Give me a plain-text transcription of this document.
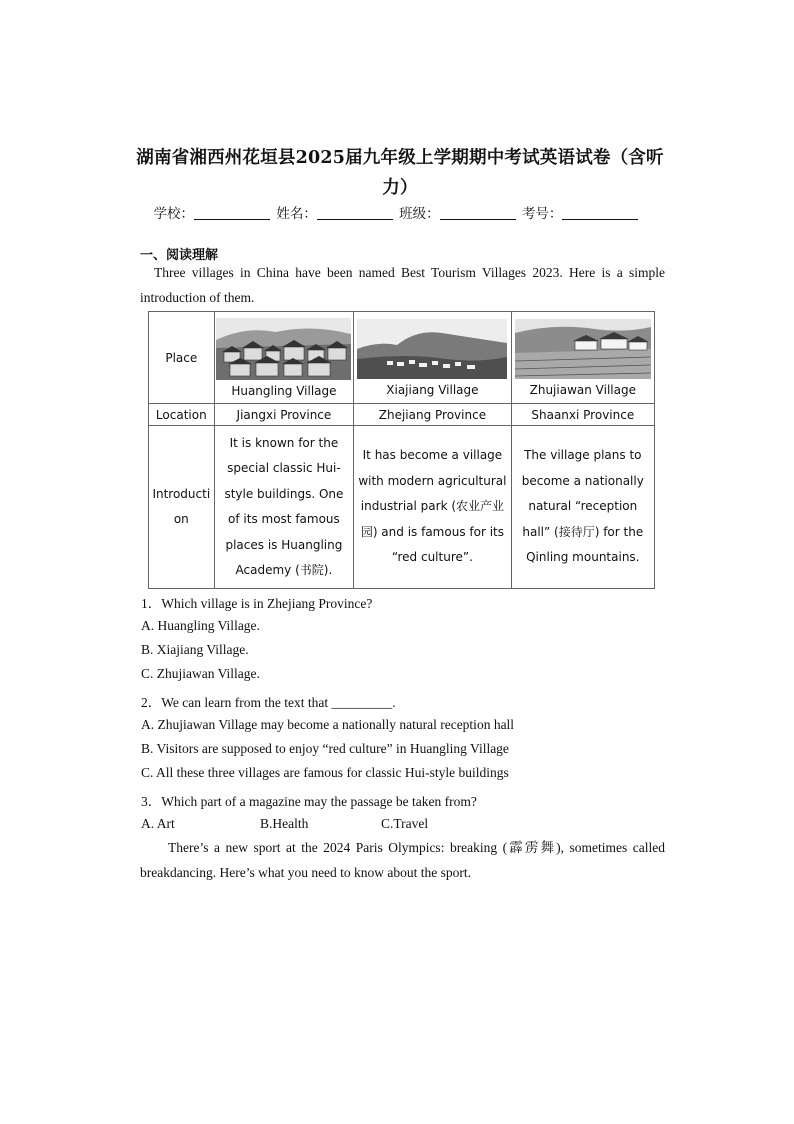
湖南省湘西州花垣县2025届九年级上学期期中考试英语试卷（含听力）
学校：	姓名：	班级：	考号：
一、阅读理解
Three villages in China have been named Best Tourism Villages 2023. Here is a simple introduction of them.
Place	Huangling Village	Xiajiang Village	Zhujiawan Village

Location	Jiangxi Province	Zhejiang Province	Shaanxi Province
Introduction	It is known for the special classic Hui-style buildings. One of its most famous places is Huangling Academy (书院).	It has become a village with modern agricultural industrial park (农业产业园) and is famous for its “red culture”.	The village plans to become a nationally natural “reception hall” (接待厅) for the Qinling mountains.
1．Which village is in Zhejiang Province?
A. Huangling Village.
B. Xiajiang Village.
C. Zhujiawan Village.
2．We can learn from the text that _________.
A. Zhujiawan Village may become a nationally natural reception hall
B. Visitors are supposed to enjoy “red culture” in Huangling Village
C. All these three villages are famous for classic Hui-style buildings
3．Which part of a magazine may the passage be taken from?
A. Art	B.Health	C.Travel
There’s a new sport at the 2024 Paris Olympics: breaking (霹雳舞), sometimes called breakdancing. Here’s what you need to know about the sport.
